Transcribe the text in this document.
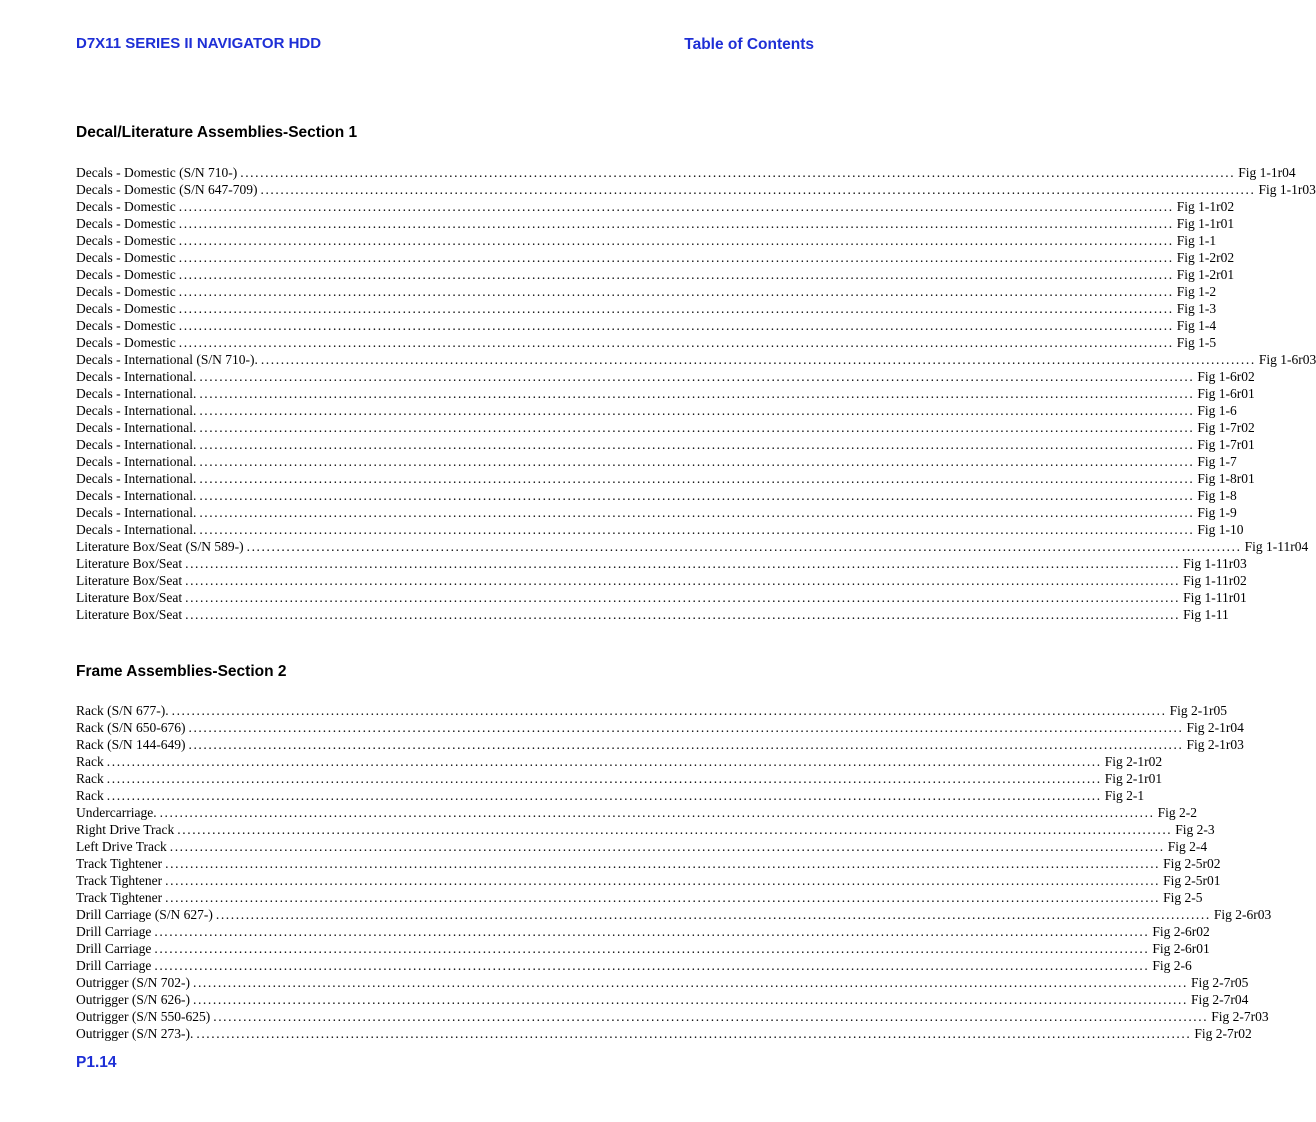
D7X11 SERIES II NAVIGATOR HDD	Table of Contents
Decal/Literature Assemblies-Section 1
Decals - Domestic (S/N 710-) ........................................................................................................................................................................................................ Fig 1-1r04
Decals - Domestic (S/N 647-709) ........................................................................................................................................................................................................ Fig 1-1r03
Decals - Domestic ........................................................................................................................................................................................................ Fig 1-1r02
Decals - Domestic ........................................................................................................................................................................................................ Fig 1-1r01
Decals - Domestic ........................................................................................................................................................................................................ Fig 1-1
Decals - Domestic ........................................................................................................................................................................................................ Fig 1-2r02
Decals - Domestic ........................................................................................................................................................................................................ Fig 1-2r01
Decals - Domestic ........................................................................................................................................................................................................ Fig 1-2
Decals - Domestic ........................................................................................................................................................................................................ Fig 1-3
Decals - Domestic ........................................................................................................................................................................................................ Fig 1-4
Decals - Domestic ........................................................................................................................................................................................................ Fig 1-5
Decals - International (S/N 710-). ........................................................................................................................................................................................................ Fig 1-6r03
Decals - International. ........................................................................................................................................................................................................ Fig 1-6r02
Decals - International. ........................................................................................................................................................................................................ Fig 1-6r01
Decals - International. ........................................................................................................................................................................................................ Fig 1-6
Decals - International. ........................................................................................................................................................................................................ Fig 1-7r02
Decals - International. ........................................................................................................................................................................................................ Fig 1-7r01
Decals - International. ........................................................................................................................................................................................................ Fig 1-7
Decals - International. ........................................................................................................................................................................................................ Fig 1-8r01
Decals - International. ........................................................................................................................................................................................................ Fig 1-8
Decals - International. ........................................................................................................................................................................................................ Fig 1-9
Decals - International. ........................................................................................................................................................................................................ Fig 1-10
Literature Box/Seat (S/N 589-) ........................................................................................................................................................................................................ Fig 1-11r04
Literature Box/Seat ........................................................................................................................................................................................................ Fig 1-11r03
Literature Box/Seat ........................................................................................................................................................................................................ Fig 1-11r02
Literature Box/Seat ........................................................................................................................................................................................................ Fig 1-11r01
Literature Box/Seat ........................................................................................................................................................................................................ Fig 1-11
Frame Assemblies-Section 2
Rack (S/N 677-). ........................................................................................................................................................................................................ Fig 2-1r05
Rack (S/N 650-676) ........................................................................................................................................................................................................ Fig 2-1r04
Rack (S/N 144-649) ........................................................................................................................................................................................................ Fig 2-1r03
Rack ........................................................................................................................................................................................................ Fig 2-1r02
Rack ........................................................................................................................................................................................................ Fig 2-1r01
Rack ........................................................................................................................................................................................................ Fig 2-1
Undercarriage. ........................................................................................................................................................................................................ Fig 2-2
Right Drive Track ........................................................................................................................................................................................................ Fig 2-3
Left Drive Track ........................................................................................................................................................................................................ Fig 2-4
Track Tightener ........................................................................................................................................................................................................ Fig 2-5r02
Track Tightener ........................................................................................................................................................................................................ Fig 2-5r01
Track Tightener ........................................................................................................................................................................................................ Fig 2-5
Drill Carriage (S/N 627-) ........................................................................................................................................................................................................ Fig 2-6r03
Drill Carriage ........................................................................................................................................................................................................ Fig 2-6r02
Drill Carriage ........................................................................................................................................................................................................ Fig 2-6r01
Drill Carriage ........................................................................................................................................................................................................ Fig 2-6
Outrigger (S/N 702-) ........................................................................................................................................................................................................ Fig 2-7r05
Outrigger (S/N 626-) ........................................................................................................................................................................................................ Fig 2-7r04
Outrigger (S/N 550-625) ........................................................................................................................................................................................................ Fig 2-7r03
Outrigger (S/N 273-). ........................................................................................................................................................................................................ Fig 2-7r02
P1.14
